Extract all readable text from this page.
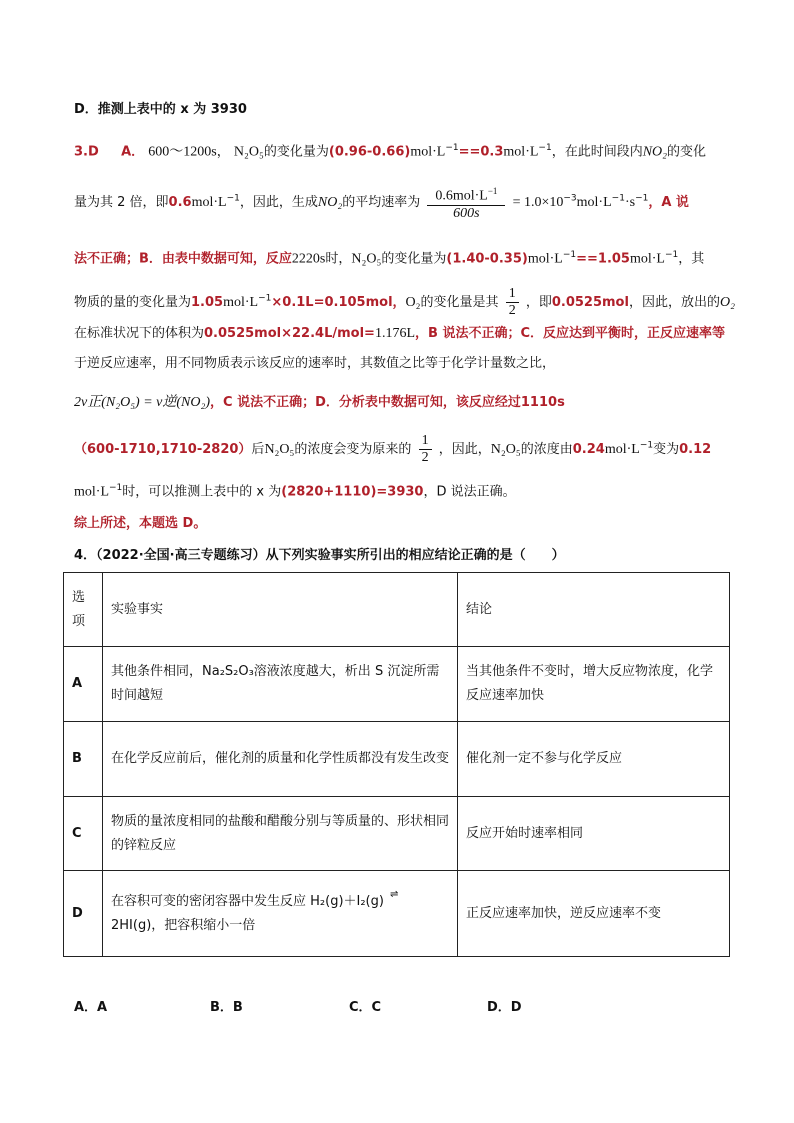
D．推测上表中的 x 为 3930
3.D A． 600～1200s， N₂O₅的变化量为$(0.96-0.66)mol\cdot L^{-1}==0.3mol\cdot L^{-1}$，在此时间段内NO₂的变化
量为其 2 倍，即$0.6mol\cdot L^{-1}$，因此，生成NO₂的平均速率为 $\frac{0.6mol\cdot L^{-1}}{600s} = 1.0\times 10^{-3}mol\cdot L^{-1}\cdot s^{-1}$，A 说
法不正确；B．由表中数据可知，反应2220s时，N₂O₅的变化量为$(1.40-0.35)mol\cdot L^{-1}==1.05mol\cdot L^{-1}$，其
物质的量的变化量为$1.05mol\cdot L^{-1}\times 0.1L=0.105mol$，O₂的变化量是其 $\frac{1}{2}$ ，即0.0525mol，因此，放出的O₂
在标准状况下的体积为0.0525mol×22.4L/mol=1.176L，B 说法不正确；C．反应达到平衡时，正反应速率等
于逆反应速率，用不同物质表示该反应的速率时，其数值之比等于化学计量数之比，
2v正(N₂O₅) = v逆(NO₂)，C 说法不正确；D．分析表中数据可知，该反应经过1110s
（600-1710,1710-2820）后N₂O₅的浓度会变为原来的 $\frac{1}{2}$ ，因此，N₂O₅的浓度由$0.24mol\cdot L^{-1}$变为0.12
$mol\cdot L^{-1}$时，可以推测上表中的 x 为(2820+1110)=3930，D 说法正确。
综上所述，本题选 D。
4．（2022·全国·高三专题练习）从下列实验事实所引出的相应结论正确的是（　　）
选项	实验事实	结论
A	其他条件相同，Na₂S₂O₃溶液浓度越大，析出 S 沉淀所需时间越短	当其他条件不变时，增大反应物浓度，化学反应速率加快
B	在化学反应前后，催化剂的质量和化学性质都没有发生改变	催化剂一定不参与化学反应
C	物质的量浓度相同的盐酸和醋酸分别与等质量的、形状相同的锌粒反应	反应开始时速率相同
D	在容积可变的密闭容器中发生反应 H₂(g)＋I₂(g) ⇌
2HI(g)，把容积缩小一倍	正反应速率加快，逆反应速率不变
A．A	B．B	C．C	D．D
